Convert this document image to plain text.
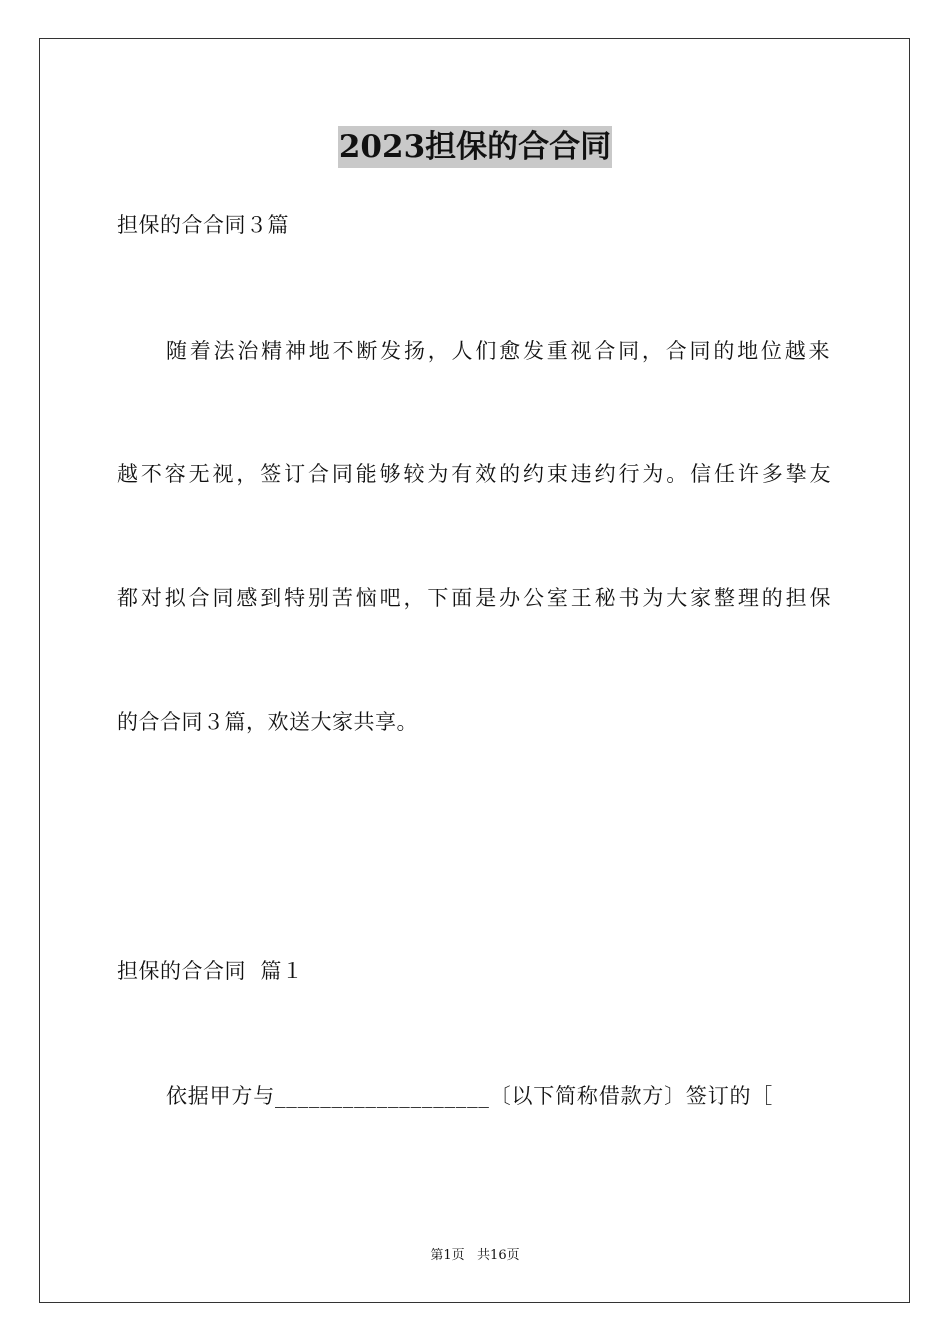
2023担保的合合同
担保的合合同３篇
随着法治精神地不断发扬，人们愈发重视合同，合同的地位越来
越不容无视，签订合同能够较为有效的约束违约行为。信任许多挚友
都对拟合同感到特别苦恼吧，下面是办公室王秘书为大家整理的担保
的合合同３篇，欢送大家共享。
担保的合合同  篇１
依据甲方与___________________〔以下简称借款方〕签订的［
第1页   共16页
